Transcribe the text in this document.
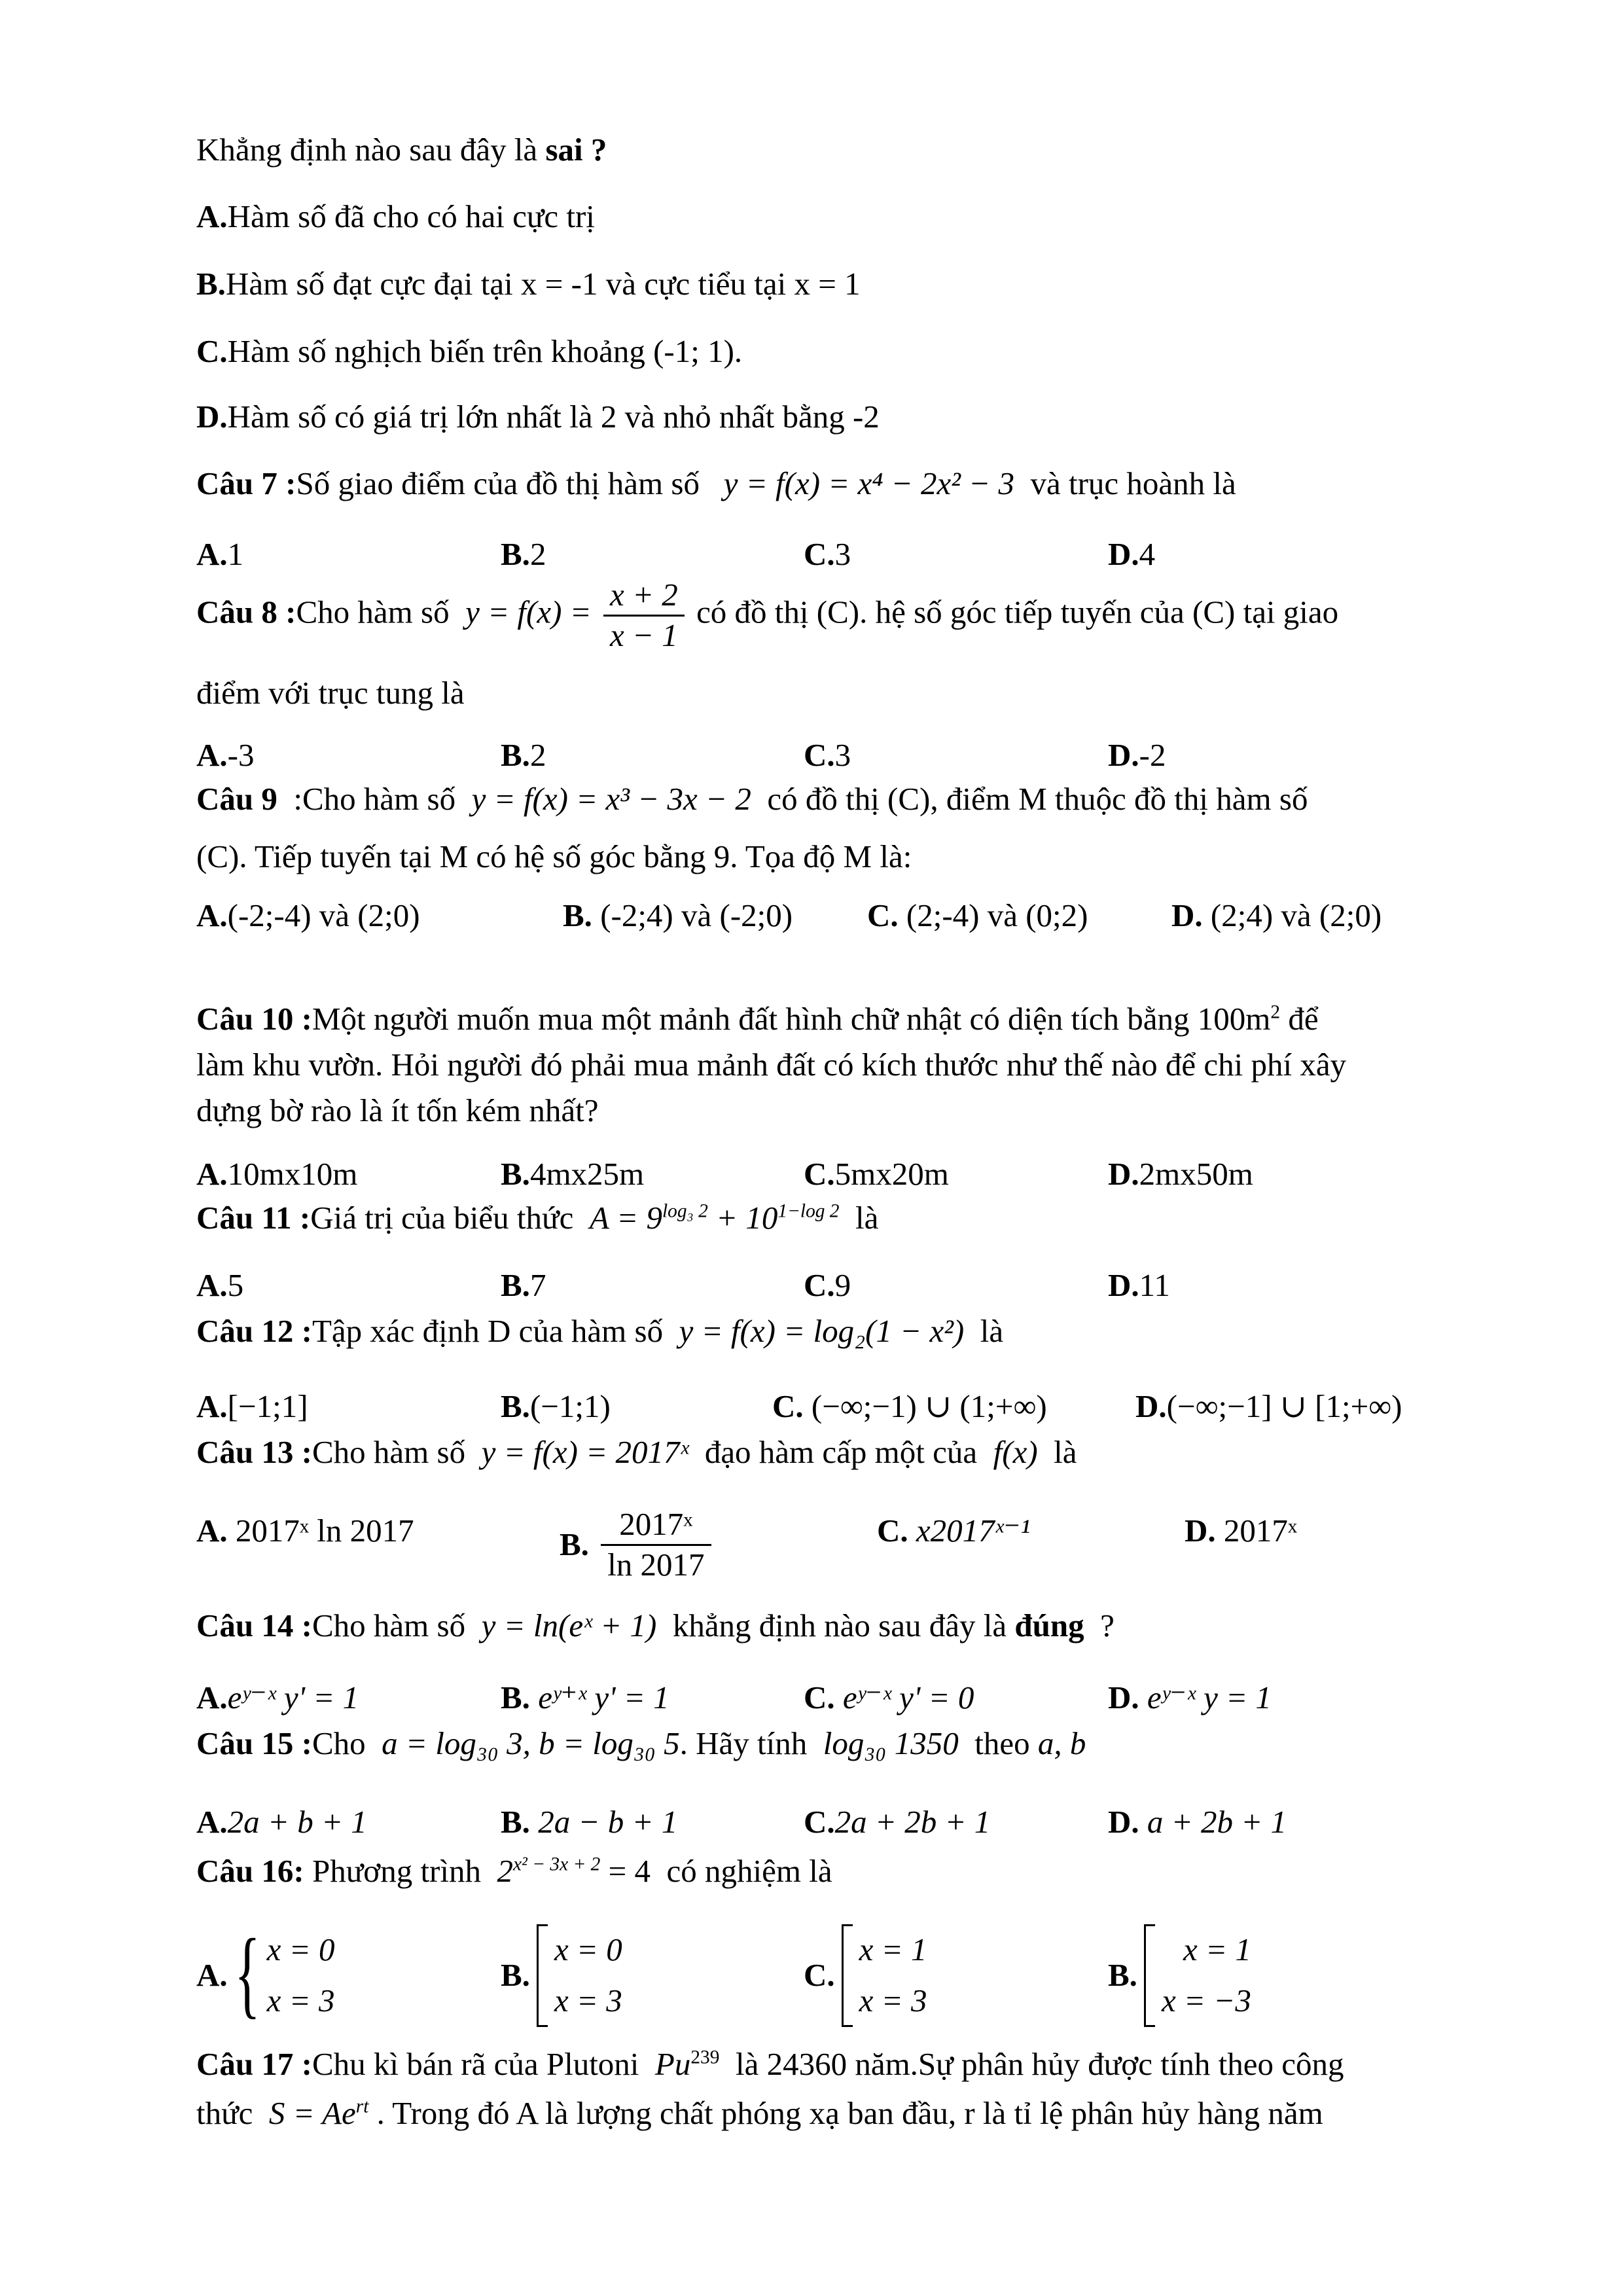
Khẳng định nào sau đây là sai ?
A.Hàm số đã cho có hai cực trị
B.Hàm số đạt cực đại tại x = -1 và cực tiểu tại x = 1
C.Hàm số nghịch biến trên khoảng (-1; 1).
D.Hàm số có giá trị lớn nhất là 2 và nhỏ nhất bằng -2
Câu 7 :Số giao điểm của đồ thị hàm số y = f(x) = x⁴ − 2x² − 3 và trục hoành là
A.1	B.2	C.3	D.4
Câu 8 :Cho hàm số $y = f(x) = \frac{x + 2}{x - 1}$ có đồ thị (C). hệ số góc tiếp tuyến của (C) tại giao
điểm với trục tung là
A.-3	B.2	C.3	D.-2
Câu 9 :Cho hàm số y = f(x) = x³ − 3x − 2 có đồ thị (C), điểm M thuộc đồ thị hàm số
(C). Tiếp tuyến tại M có hệ số góc bằng 9. Tọa độ M là:
A.(-2;-4) và (2;0)	B. (-2;4) và (-2;0) C. (2;-4) và (0;2)	D. (2;4) và (2;0)
Câu 10 :Một người muốn mua một mảnh đất hình chữ nhật có diện tích bằng $100m^2$ để
làm khu vườn. Hỏi người đó phải mua mảnh đất có kích thước như thế nào để chi phí xây
dựng bờ rào là ít tốn kém nhất?
A.10mx10m	B.4mx25m	C.5mx20m	D.2mx50m
Câu 11 :Giá trị của biểu thức $A = 9^{log_3 2} + 10^{1-log 2}$ là
A.5	B.7	C.9	D.11
Câu 12 :Tập xác định D của hàm số y = f(x) = log₂(1 − x²) là
A.[−1;1]	B.(−1;1)	C. (−∞;−1) ∪ (1;+∞)	D.(−∞;−1] ∪ [1;+∞)
Câu 13 :Cho hàm số y = f(x) = 2017ˣ đạo hàm cấp một của f(x) là
A. 2017ˣ ln 2017	B. $\frac{\text{2017ˣ}}{\ln 2017}$	C. x2017ˣ⁻¹	D. 2017ˣ
Câu 14 :Cho hàm số y = ln(eˣ + 1) khẳng định nào sau đây là đúng ?
A.eʸ⁻ˣ y' = 1	B. eʸ⁺ˣ y' = 1	C. eʸ⁻ˣ y' = 0	D. eʸ⁻ˣ y = 1
Câu 15 :Cho a = log₃₀ 3, b = log₃₀ 5. Hãy tính log₃₀ 1350 theo a, b
A.2a + b + 1	B. 2a − b + 1	C.2a + 2b + 1	D. a + 2b + 1
Câu 16: Phương trình $2^{x^2 - 3x + 2} = 4$ có nghiệm là
A. { x = 0
x = 3
B.
x = 0
x = 3
C.
x = 1
x = 3
B.
x = 1
x = −3
Câu 17 :Chu kì bán rã của Plutoni Pu$^{239}$ là 24360 năm.Sự phân hủy được tính theo công
thức $S = Ae^{rt}$ . Trong đó A là lượng chất phóng xạ ban đầu, r là tỉ lệ phân hủy hàng năm
